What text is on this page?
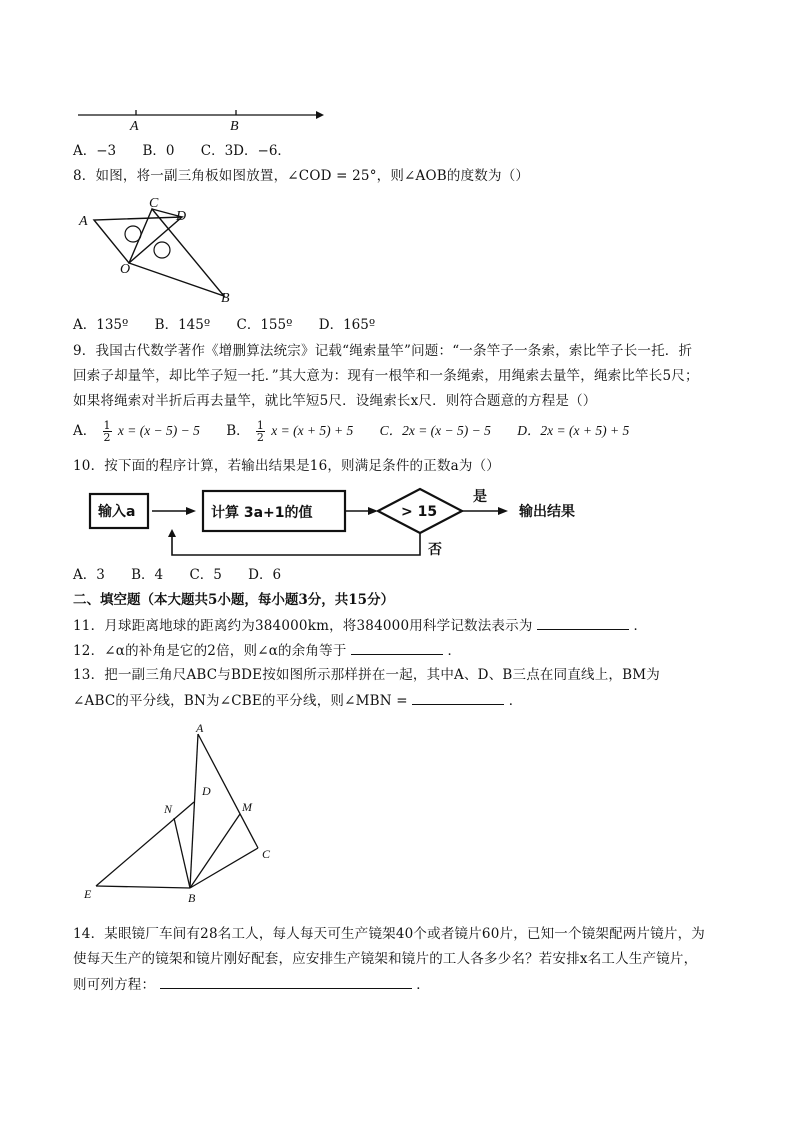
A	B
A．−3 B．0 C．3D．−6．
8．如图，将一副三角板如图放置，∠COD = 25°，则∠AOB的度数为（）
A
C
D
O
B
A．135º B．145º C．155º D．165º
9．我国古代数学著作《增删算法统宗》记载“绳索量竿”问题：“一条竿子一条索，索比竿子长一托．折
回索子却量竿，却比竿子短一托．”其大意为：现有一根竿和一条绳索，用绳索去量竿，绳索比竿长5尺；
如果将绳索对半折后再去量竿，就比竿短5尺．设绳索长x尺．则符合题意的方程是（）
A． $\frac{1}{2}$ x = (x − 5) − 5 B． $\frac{1}{2}$ x = (x + 5) + 5 C．2x = (x − 5) − 5 D．2x = (x + 5) + 5
10．按下面的程序计算，若输出结果是16，则满足条件的正数a为（）
输入a	计算 3a+1的值	> 15
是
输出结果
否
A．3 B．4 C．5 D．6
二、填空题（本大题共5小题，每小题3分，共15分）
11．月球距离地球的距离约为384000km，将384000用科学记数法表示为	．
12．∠α的补角是它的2倍，则∠α的余角等于	．
13．把一副三角尺ABC与BDE按如图所示那样拼在一起，其中A、D、B三点在同直线上，BM为
∠ABC的平分线，BN为∠CBE的平分线，则∠MBN =	．
A
D
N	M
C
E	B
14．某眼镜厂车间有28名工人，每人每天可生产镜架40个或者镜片60片，已知一个镜架配两片镜片，为
使每天生产的镜架和镜片刚好配套，应安排生产镜架和镜片的工人各多少名？若安排x名工人生产镜片，
则可列方程：	．
